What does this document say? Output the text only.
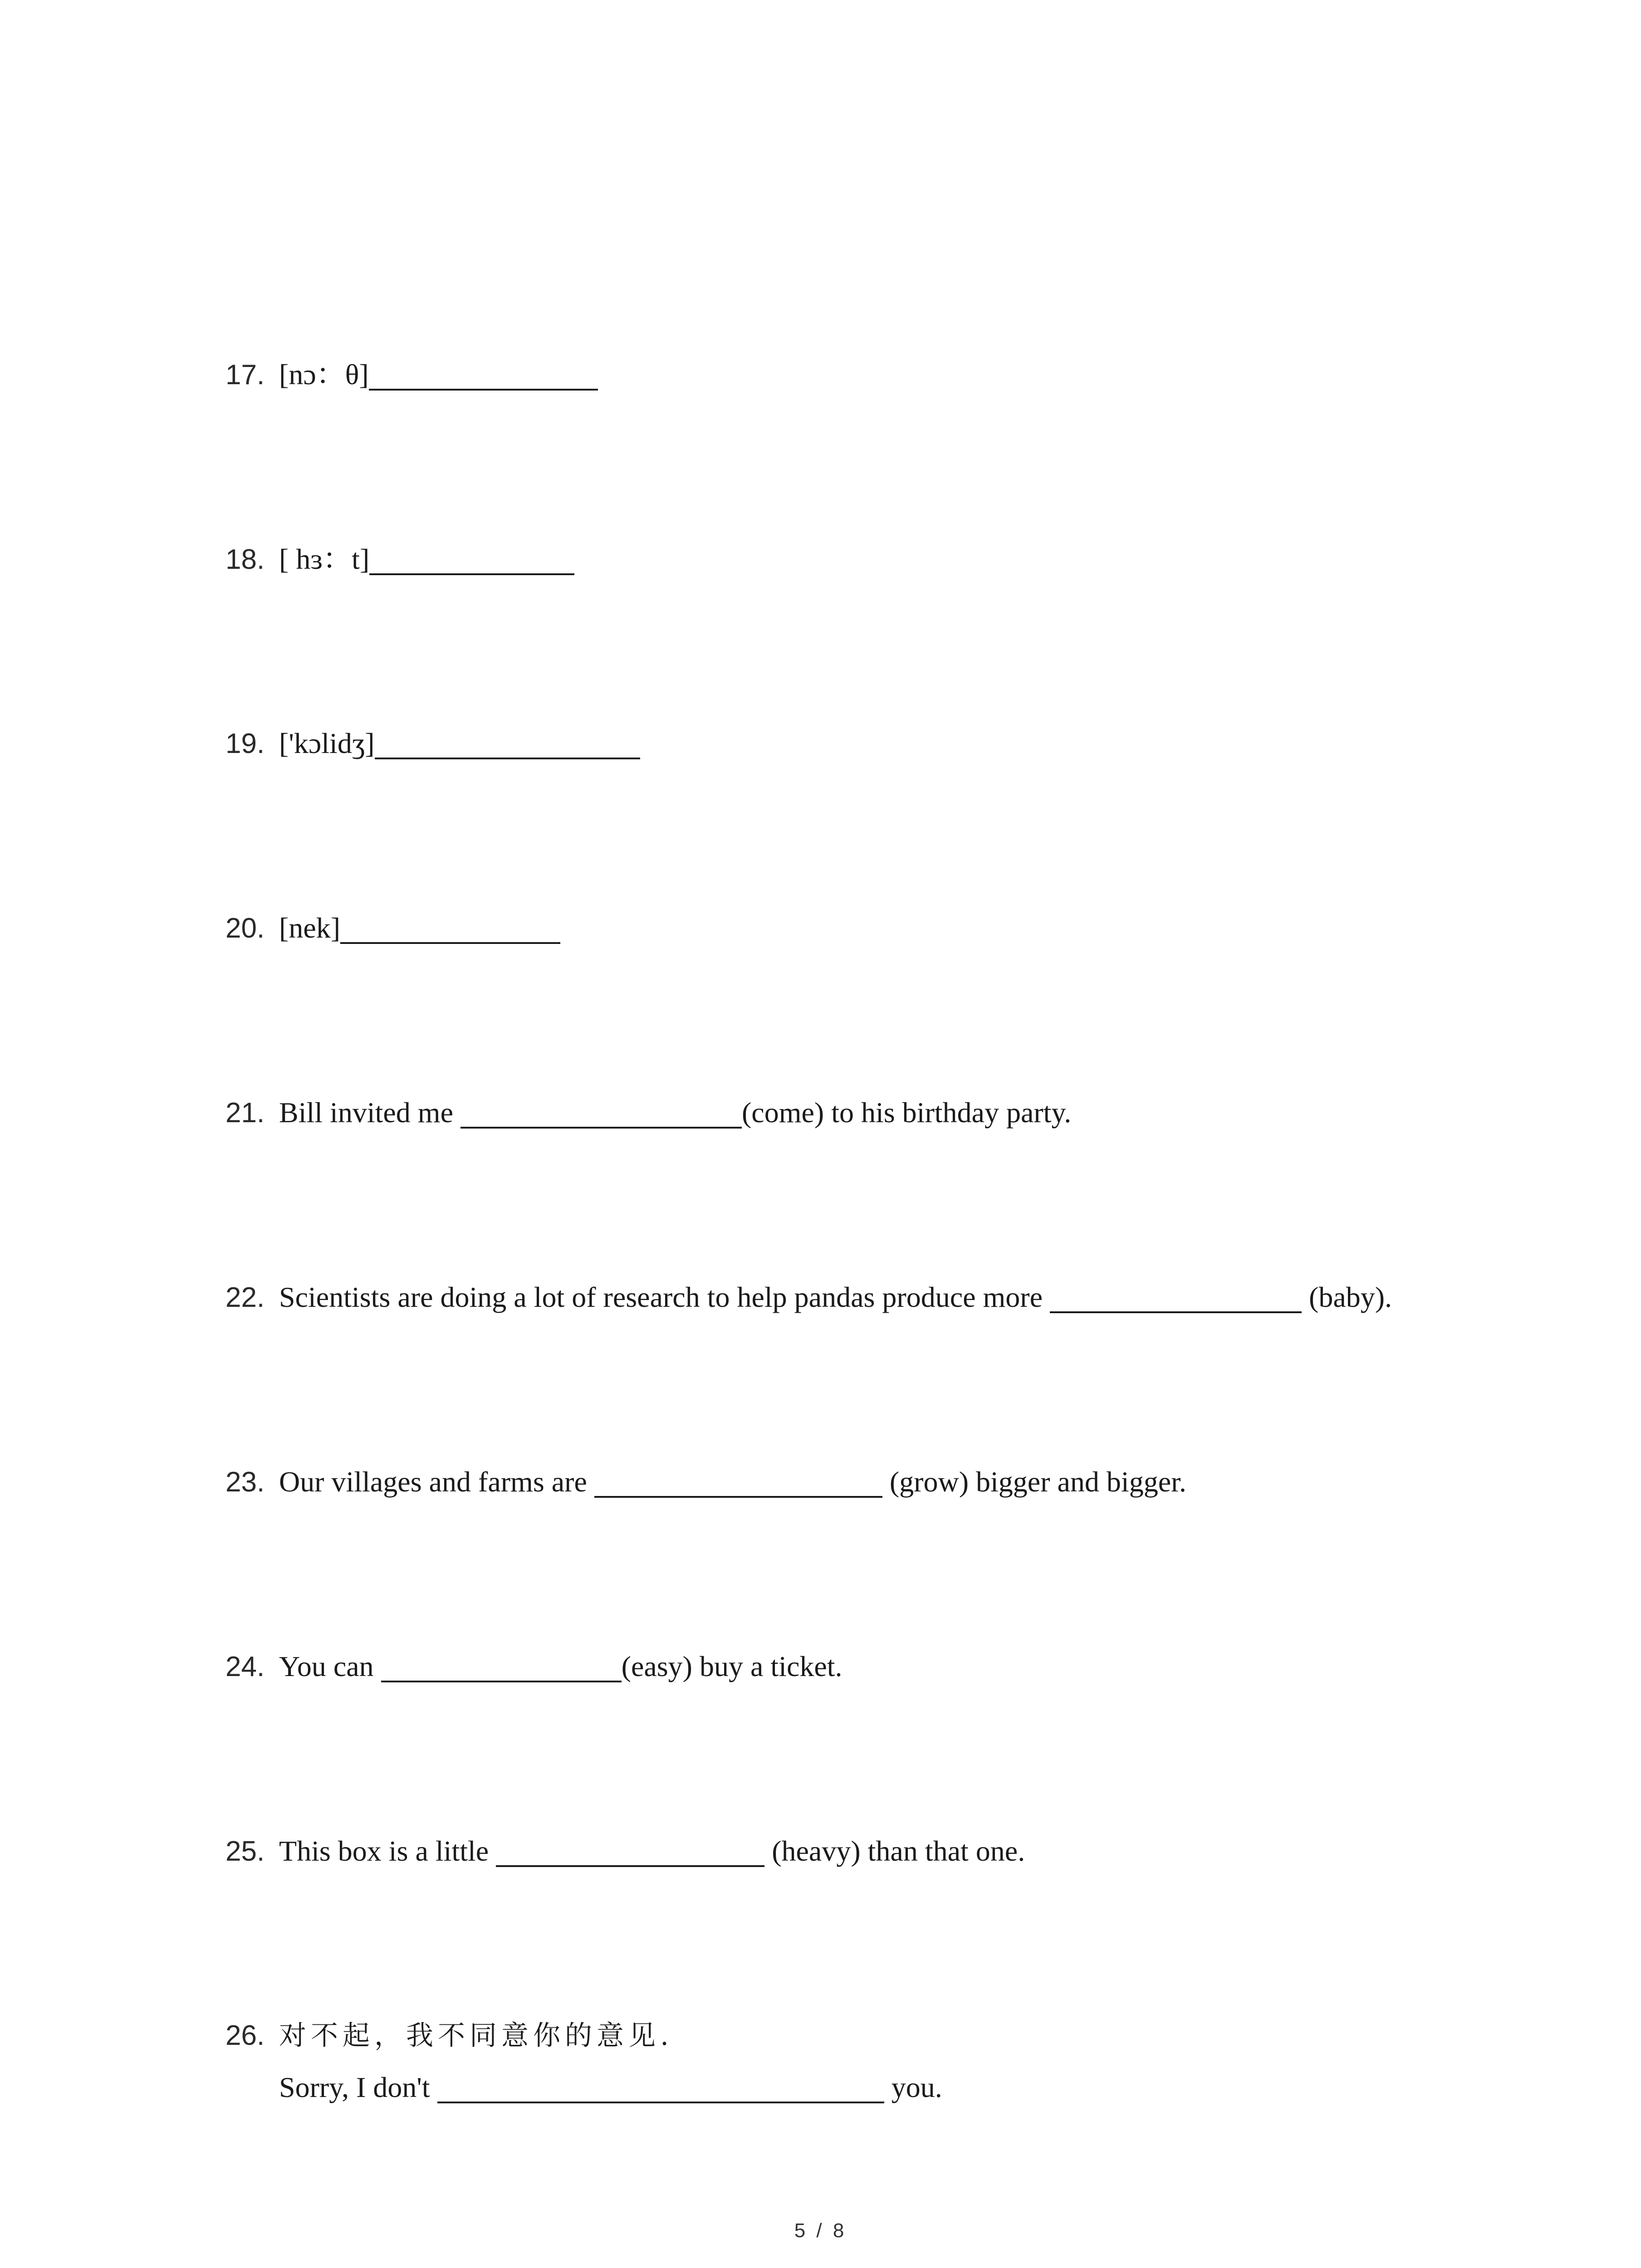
17. [nɔ：θ]
18. [ hɜ：t]
19. ['kɔlidʒ]
20. [nek]
21. Bill invited me	(come) to his birthday party.
22. Scientists are doing a lot of research to help pandas produce more	(baby).
23. Our villages and farms are	(grow) bigger and bigger.
24. You can	(easy) buy a ticket.
25. This box is a little	(heavy) than that one.
26. 对不起，我不同意你的意见.
Sorry, I don't	you.
5 / 8
